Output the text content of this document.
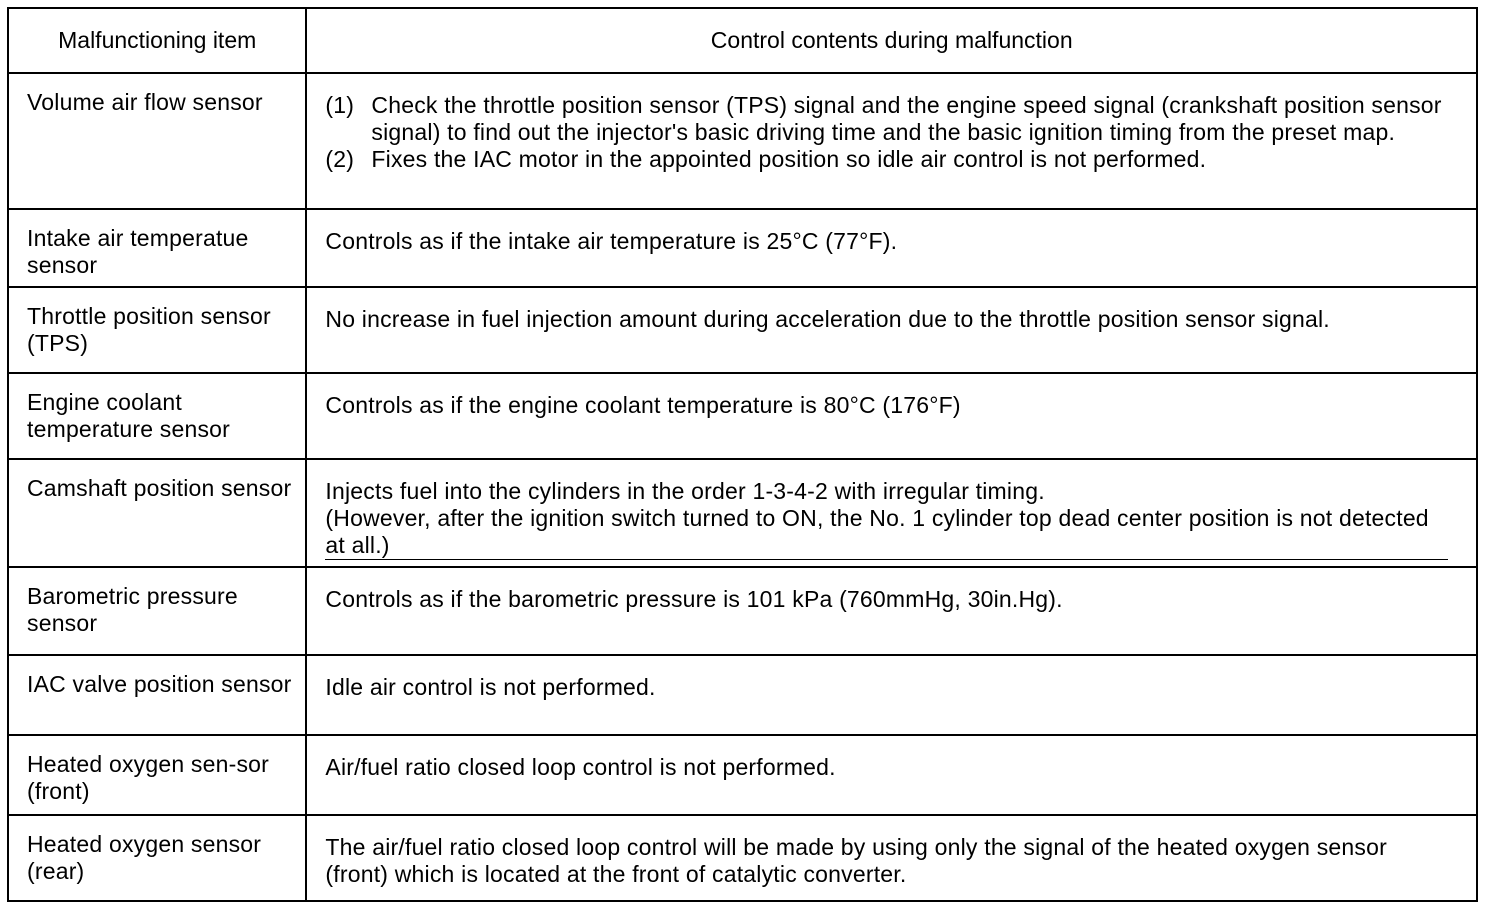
Malfunctioning item	Control contents during malfunction
Volume air flow sensor	(1) Check the throttle position sensor (TPS) signal and the engine speed signal (crankshaft position sensor signal) to find out the injector's basic driving time and the basic ignition timing from the preset map.
(2) Fixes the IAC motor in the appointed position so idle air control is not performed.

Intake air temperatue sensor	Controls as if the intake air temperature is 25°C (77°F).
Throttle position sensor (TPS)	No increase in fuel injection amount during acceleration due to the throttle position sensor signal.
Engine coolant temperature sensor	Controls as if the engine coolant temperature is 80°C (176°F)
Camshaft position sensor	Injects fuel into the cylinders in the order 1-3-4-2 with irregular timing.
(However, after the ignition switch turned to ON, the No. 1 cylinder top dead center position is not detected at all.)

Barometric pressure sensor	Controls as if the barometric pressure is 101 kPa (760mmHg, 30in.Hg).
IAC valve position sensor	Idle air control is not performed.
Heated oxygen sen-sor (front)	Air/fuel ratio closed loop control is not performed.
Heated oxygen sensor (rear)	The air/fuel ratio closed loop control will be made by using only the signal of the heated oxygen sensor (front) which is located at the front of catalytic converter.
